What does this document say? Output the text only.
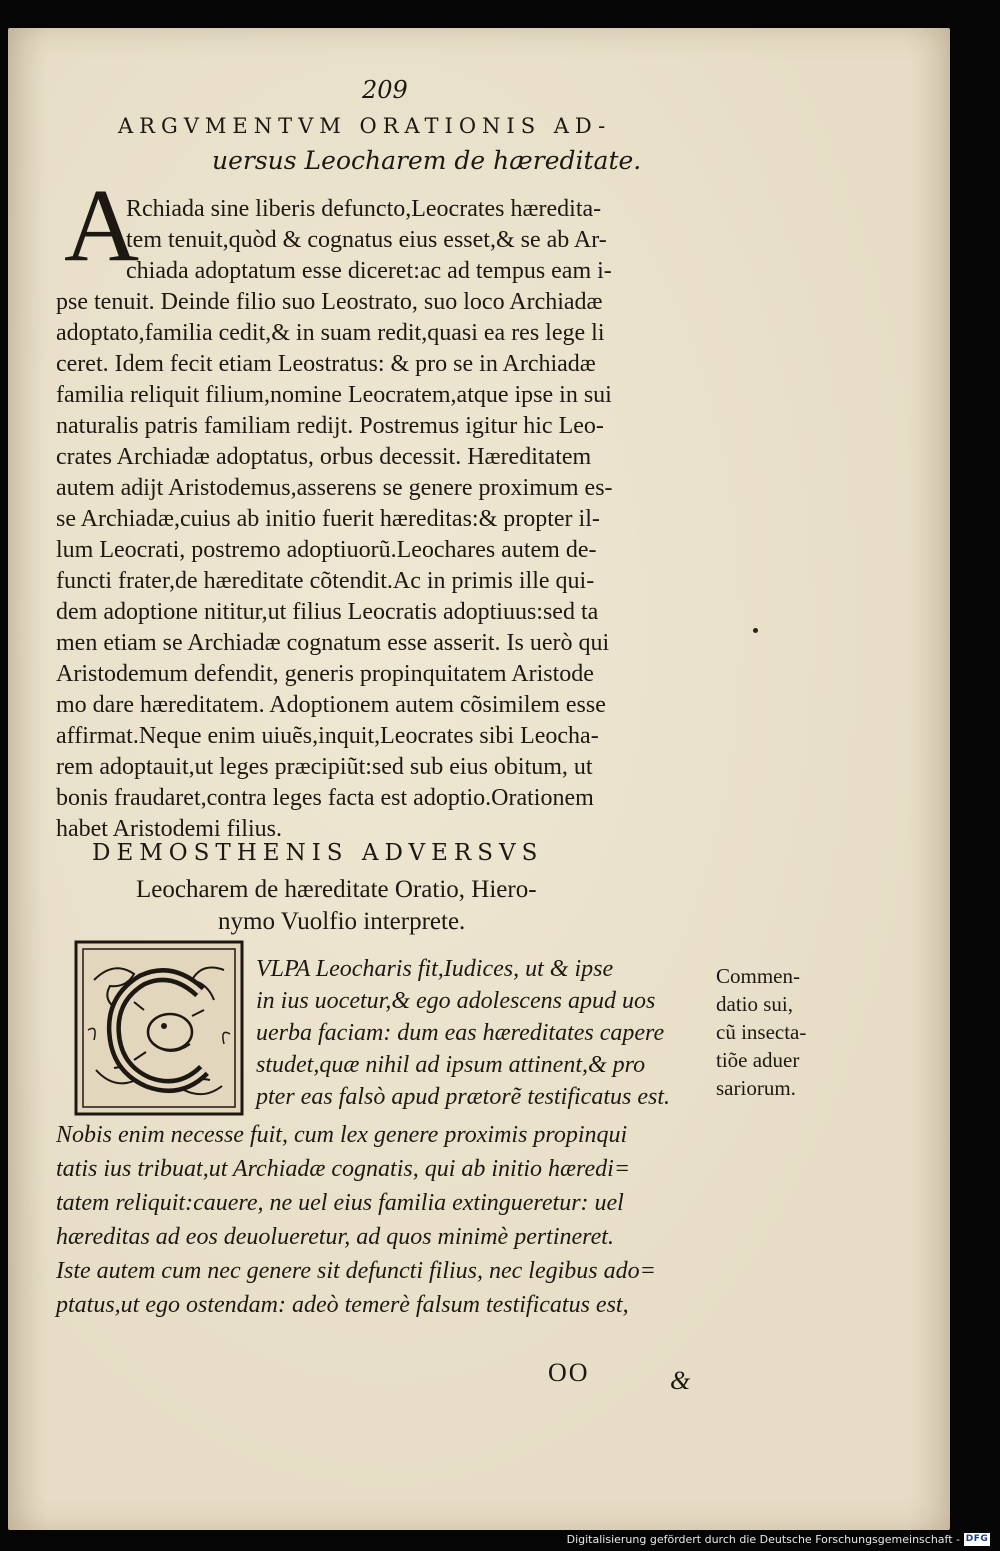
209

ARGVMENTVM ORATIONIS AD-

uersus Leocharem de hæreditate.

A

Rchiada sine liberis defuncto,Leocrates hæredita-

tem tenuit,quòd & cognatus eius esset,& se ab Ar-

chiada adoptatum esse diceret:ac ad tempus eam i-

pse tenuit. Deinde filio suo Leostrato, suo loco Archiadæ

adoptato,familia cedit,& in suam redit,quasi ea res lege li

ceret. Idem fecit etiam Leostratus: & pro se in Archiadæ

familia reliquit filium,nomine Leocratem,atque ipse in sui

naturalis patris familiam redijt. Postremus igitur hic Leo-

crates Archiadæ adoptatus, orbus decessit. Hæreditatem

autem adijt Aristodemus,asserens se genere proximum es-

se Archiadæ,cuius ab initio fuerit hæreditas:& propter il-

lum Leocrati, postremo adoptiuorũ.Leochares autem de-

functi frater,de hæreditate cõtendit.Ac in primis ille qui-

dem adoptione nititur,ut filius Leocratis adoptiuus:sed ta

men etiam se Archiadæ cognatum esse asserit. Is uerò qui

Aristodemum defendit, generis propinquitatem Aristode

mo dare hæreditatem. Adoptionem autem cõsimilem esse

affirmat.Neque enim uiuẽs,inquit,Leocrates sibi Leocha-

rem adoptauit,ut leges præcipiũt:sed sub eius obitum, ut

bonis fraudaret,contra leges facta est adoptio.Orationem

habet Aristodemi filius.

DEMOSTHENIS ADVERSVS

Leocharem de hæreditate Oratio, Hiero-

nymo Vuolfio interprete.

VLPA Leocharis fit,Iudices, ut & ipse

in ius uocetur,& ego adolescens apud uos

uerba faciam: dum eas hæreditates capere

studet,quæ nihil ad ipsum attinent,& pro

pter eas falsò apud prætorẽ testificatus est.

Nobis enim necesse fuit, cum lex genere proximis propinqui

tatis ius tribuat,ut Archiadæ cognatis, qui ab initio hæredi=

tatem reliquit:cauere, ne uel eius familia extingueretur: uel

hæreditas ad eos deuolueretur, ad quos minimè pertineret.

Iste autem cum nec genere sit defuncti filius, nec legibus ado=

ptatus,ut ego ostendam: adeò temerè falsum testificatus est,

Commen-
datio sui,
cũ insecta-
tiõe aduer
sariorum.

OO	&

Digitalisierung gefördert durch die Deutsche Forschungsgemeinschaft - DFG
